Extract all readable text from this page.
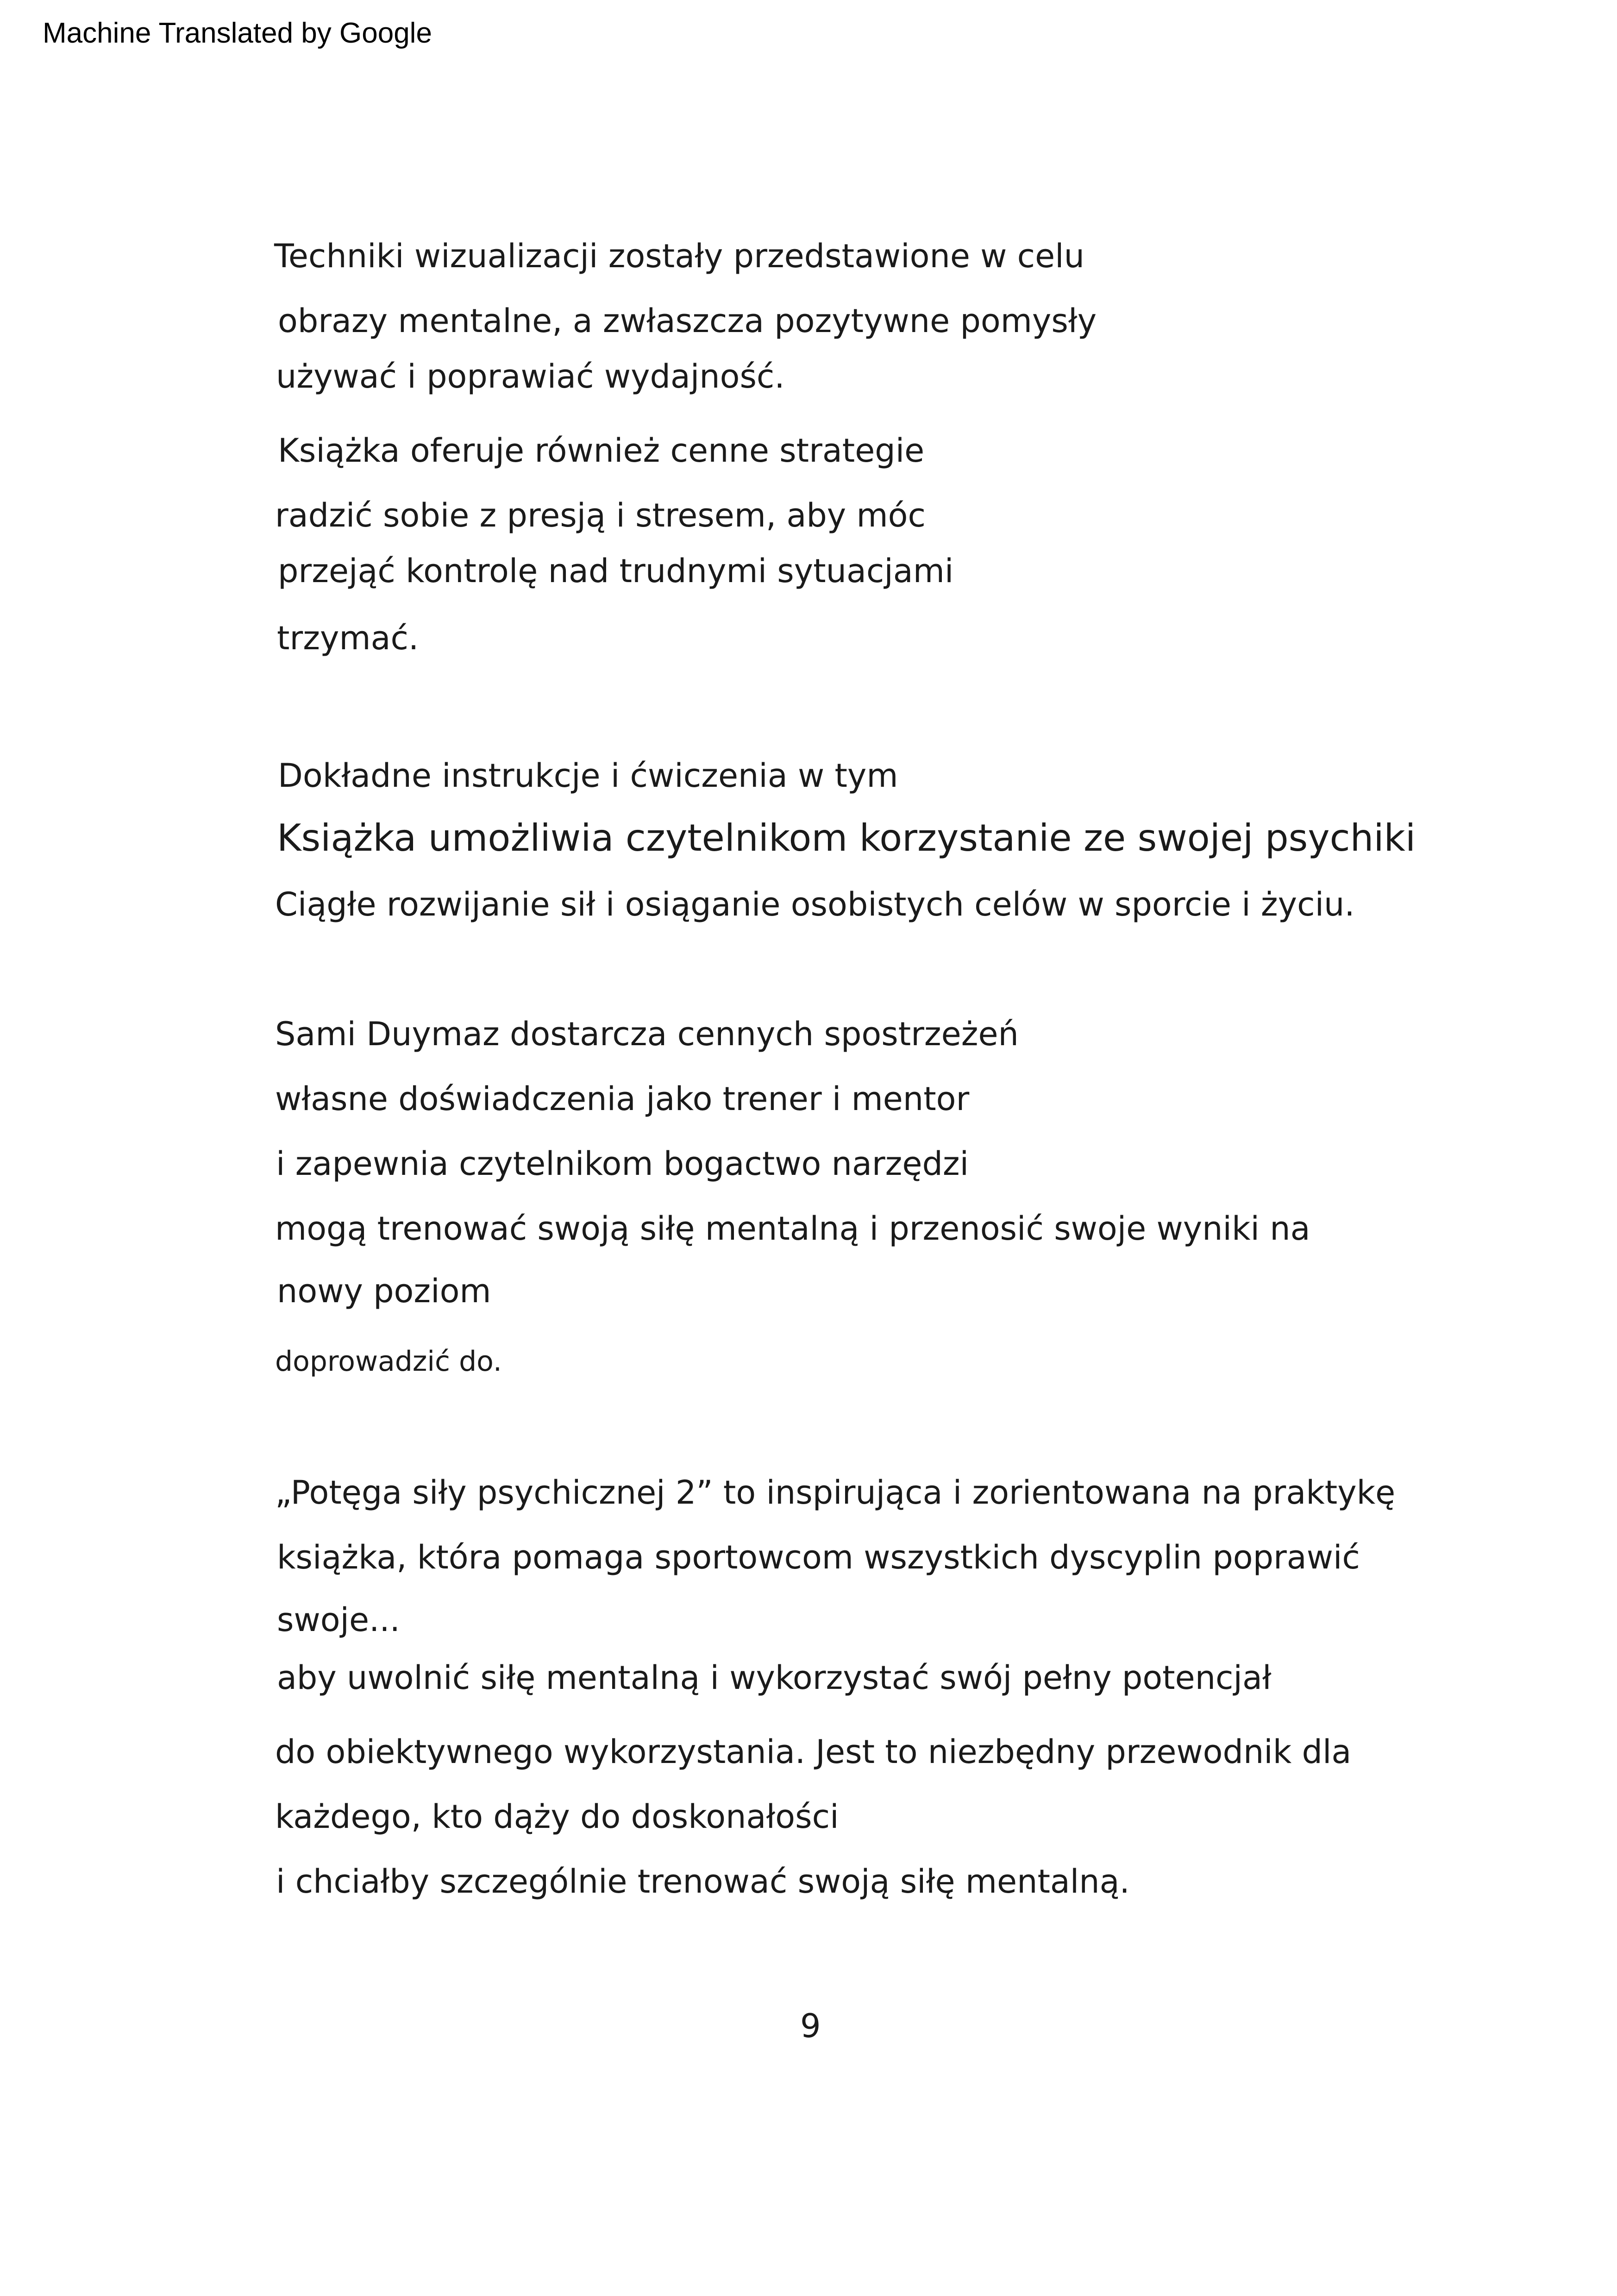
Machine Translated by Google
Techniki wizualizacji zostały przedstawione w celu
obrazy mentalne, a zwłaszcza pozytywne pomysły
używać i poprawiać wydajność.
Książka oferuje również cenne strategie
radzić sobie z presją i stresem, aby móc
przejąć kontrolę nad trudnymi sytuacjami
trzymać.
Dokładne instrukcje i ćwiczenia w tym
Książka umożliwia czytelnikom korzystanie ze swojej psychiki
Ciągłe rozwijanie sił i osiąganie osobistych celów w sporcie i życiu.
Sami Duymaz dostarcza cennych spostrzeżeń
własne doświadczenia jako trener i mentor
i zapewnia czytelnikom bogactwo narzędzi
mogą trenować swoją siłę mentalną i przenosić swoje wyniki na
nowy poziom
doprowadzić do.
„Potęga siły psychicznej 2” to inspirująca i zorientowana na praktykę
książka, która pomaga sportowcom wszystkich dyscyplin poprawić
swoje...
aby uwolnić siłę mentalną i wykorzystać swój pełny potencjał
do obiektywnego wykorzystania. Jest to niezbędny przewodnik dla
każdego, kto dąży do doskonałości
i chciałby szczególnie trenować swoją siłę mentalną.
9
